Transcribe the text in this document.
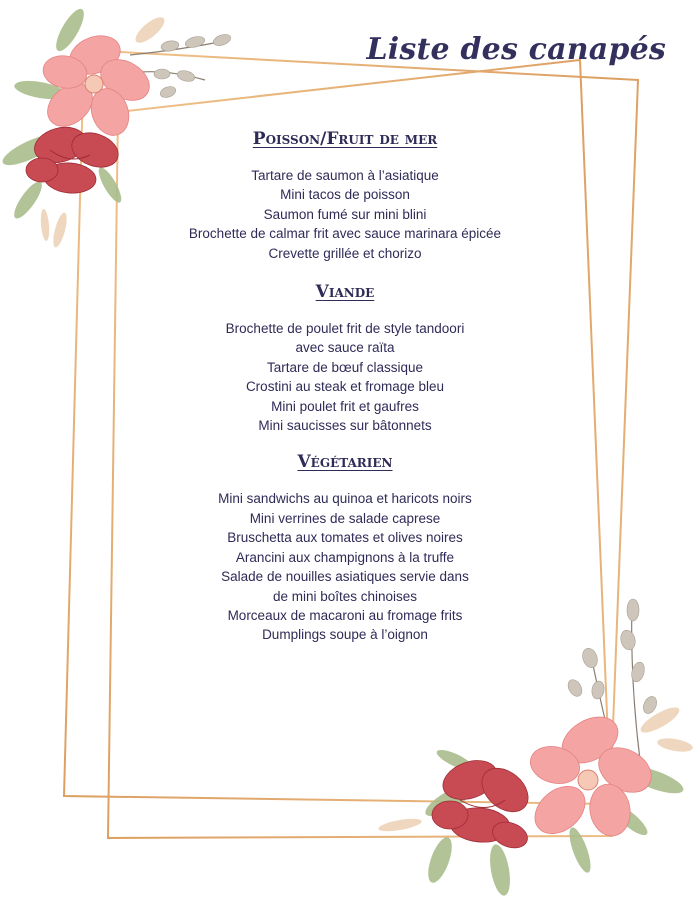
Liste des canapés
Poisson/Fruit de mer
Tartare de saumon à l’asiatique
Mini tacos de poisson
Saumon fumé sur mini blini
Brochette de calmar frit avec sauce marinara épicée
Crevette grillée et chorizo
Viande
Brochette de poulet frit de style tandoori
avec sauce raïta
Tartare de bœuf classique
Crostini au steak et fromage bleu
Mini poulet frit et gaufres
Mini saucisses sur bâtonnets
Végétarien
Mini sandwichs au quinoa et haricots noirs
Mini verrines de salade caprese
Bruschetta aux tomates et olives noires
Arancini aux champignons à la truffe
Salade de nouilles asiatiques servie dans
de mini boîtes chinoises
Morceaux de macaroni au fromage frits
Dumplings soupe à l’oignon
